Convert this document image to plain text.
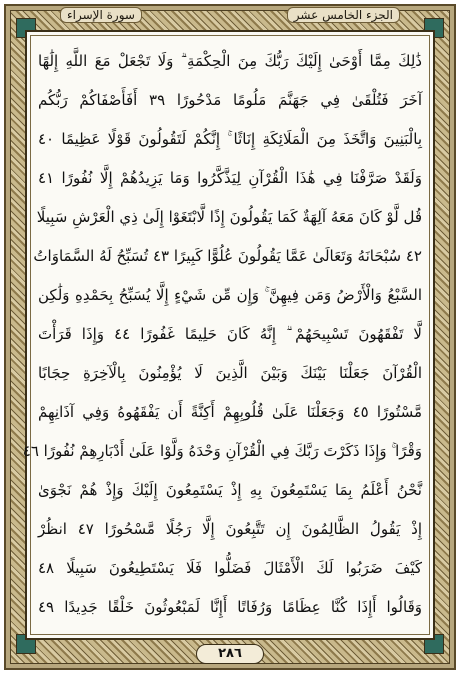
سورة الإسراء	الجزء الخامس عشر
ذَٰلِكَ مِمَّا أَوْحَىٰ إِلَيْكَ رَبُّكَ مِنَ الْحِكْمَةِ ۗ وَلَا تَجْعَلْ مَعَ اللَّهِ إِلَٰهًا
آخَرَ فَتُلْقَىٰ فِي جَهَنَّمَ مَلُومًا مَدْحُورًا ٣٩ أَفَأَصْفَاكُمْ رَبُّكُم
بِالْبَنِينَ وَاتَّخَذَ مِنَ الْمَلَائِكَةِ إِنَاثًا ۚ إِنَّكُمْ لَتَقُولُونَ قَوْلًا عَظِيمًا ٤٠
وَلَقَدْ صَرَّفْنَا فِي هَٰذَا الْقُرْآنِ لِيَذَّكَّرُوا وَمَا يَزِيدُهُمْ إِلَّا نُفُورًا ٤١
قُل لَّوْ كَانَ مَعَهُ آلِهَةٌ كَمَا يَقُولُونَ إِذًا لَّابْتَغَوْا إِلَىٰ ذِي الْعَرْشِ سَبِيلًا
٤٢ سُبْحَانَهُ وَتَعَالَىٰ عَمَّا يَقُولُونَ عُلُوًّا كَبِيرًا ٤٣ تُسَبِّحُ لَهُ السَّمَاوَاتُ
السَّبْعُ وَالْأَرْضُ وَمَن فِيهِنَّ ۚ وَإِن مِّن شَيْءٍ إِلَّا يُسَبِّحُ بِحَمْدِهِ وَلَٰكِن
لَّا تَفْقَهُونَ تَسْبِيحَهُمْ ۗ إِنَّهُ كَانَ حَلِيمًا غَفُورًا ٤٤ وَإِذَا قَرَأْتَ
الْقُرْآنَ جَعَلْنَا بَيْنَكَ وَبَيْنَ الَّذِينَ لَا يُؤْمِنُونَ بِالْآخِرَةِ حِجَابًا
مَّسْتُورًا ٤٥ وَجَعَلْنَا عَلَىٰ قُلُوبِهِمْ أَكِنَّةً أَن يَفْقَهُوهُ وَفِي آذَانِهِمْ
وَقْرًا ۚ وَإِذَا ذَكَرْتَ رَبَّكَ فِي الْقُرْآنِ وَحْدَهُ وَلَّوْا عَلَىٰ أَدْبَارِهِمْ نُفُورًا ٤٦
نَّحْنُ أَعْلَمُ بِمَا يَسْتَمِعُونَ بِهِ إِذْ يَسْتَمِعُونَ إِلَيْكَ وَإِذْ هُمْ نَجْوَىٰ
إِذْ يَقُولُ الظَّالِمُونَ إِن تَتَّبِعُونَ إِلَّا رَجُلًا مَّسْحُورًا ٤٧ انظُرْ
كَيْفَ ضَرَبُوا لَكَ الْأَمْثَالَ فَضَلُّوا فَلَا يَسْتَطِيعُونَ سَبِيلًا ٤٨
وَقَالُوا أَإِذَا كُنَّا عِظَامًا وَرُفَاتًا أَإِنَّا لَمَبْعُوثُونَ خَلْقًا جَدِيدًا ٤٩
٢٨٦
